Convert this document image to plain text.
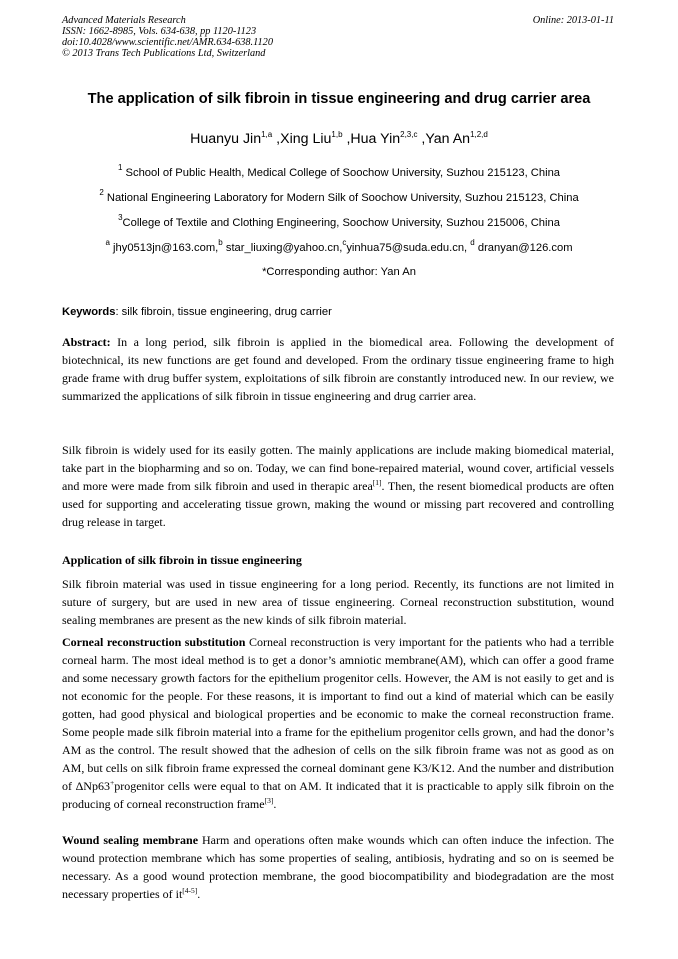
Advanced Materials Research
ISSN: 1662-8985, Vols. 634-638, pp 1120-1123
doi:10.4028/www.scientific.net/AMR.634-638.1120
© 2013 Trans Tech Publications Ltd, Switzerland
Online: 2013-01-11
The application of silk fibroin in tissue engineering and drug carrier area
Huanyu Jin$^{1,a}$ ,Xing Liu$^{1,b}$ ,Hua Yin$^{2,3,c}$ ,Yan An$^{1,2,d}$
$^1$ School of Public Health, Medical College of Soochow University, Suzhou 215123, China
$^2$ National Engineering Laboratory for Modern Silk of Soochow University, Suzhou 215123, China
$^3$College of Textile and Clothing Engineering, Soochow University, Suzhou 215006, China
$^a$ jhy0513jn@163.com,$^b$ star_liuxing@yahoo.cn,$^c$yinhua75@suda.edu.cn, $^d$ dranyan@126.com
*Corresponding author: Yan An
Keywords: silk fibroin, tissue engineering, drug carrier
Abstract: In a long period, silk fibroin is applied in the biomedical area. Following the development of biotechnical, its new functions are get found and developed. From the ordinary tissue engineering frame to high grade frame with drug buffer system, exploitations of silk fibroin are constantly introduced new. In our review, we summarized the applications of silk fibroin in tissue engineering and drug carrier area.
Silk fibroin is widely used for its easily gotten. The mainly applications are include making biomedical material, take part in the biopharming and so on. Today, we can find bone-repaired material, wound cover, artificial vessels and more were made from silk fibroin and used in therapic area[1]. Then, the resent biomedical products are often used for supporting and accelerating tissue grown, making the wound or missing part recovered and controlling drug release in target.
Application of silk fibroin in tissue engineering
Silk fibroin material was used in tissue engineering for a long period. Recently, its functions are not limited in suture of surgery, but are used in new area of tissue engineering. Corneal reconstruction substitution, wound sealing membranes are present as the new kinds of silk fibroin material.
Corneal reconstruction substitution Corneal reconstruction is very important for the patients who had a terrible corneal harm. The most ideal method is to get a donor’s amniotic membrane(AM), which can offer a good frame and some necessary growth factors for the epithelium progenitor cells. However, the AM is not easily to get and is not economic for the people. For these reasons, it is important to find out a kind of material which can be easily gotten, had good physical and biological properties and be economic to make the corneal reconstruction frame. Some people made silk fibroin material into a frame for the epithelium progenitor cells grown, and had the donor’s AM as the control. The result showed that the adhesion of cells on the silk fibroin frame was not as good as on AM, but cells on silk fibroin frame expressed the corneal dominant gene K3/K12. And the number and distribution of ΔNp63+progenitor cells were equal to that on AM. It indicated that it is practicable to apply silk fibroin on the producing of corneal reconstruction frame[3].
Wound sealing membrane Harm and operations often make wounds which can often induce the infection. The wound protection membrane which has some properties of sealing, antibiosis, hydrating and so on is seemed be necessary. As a good wound protection membrane, the good biocompatibility and biodegradation are the most necessary properties of it[4-5].
